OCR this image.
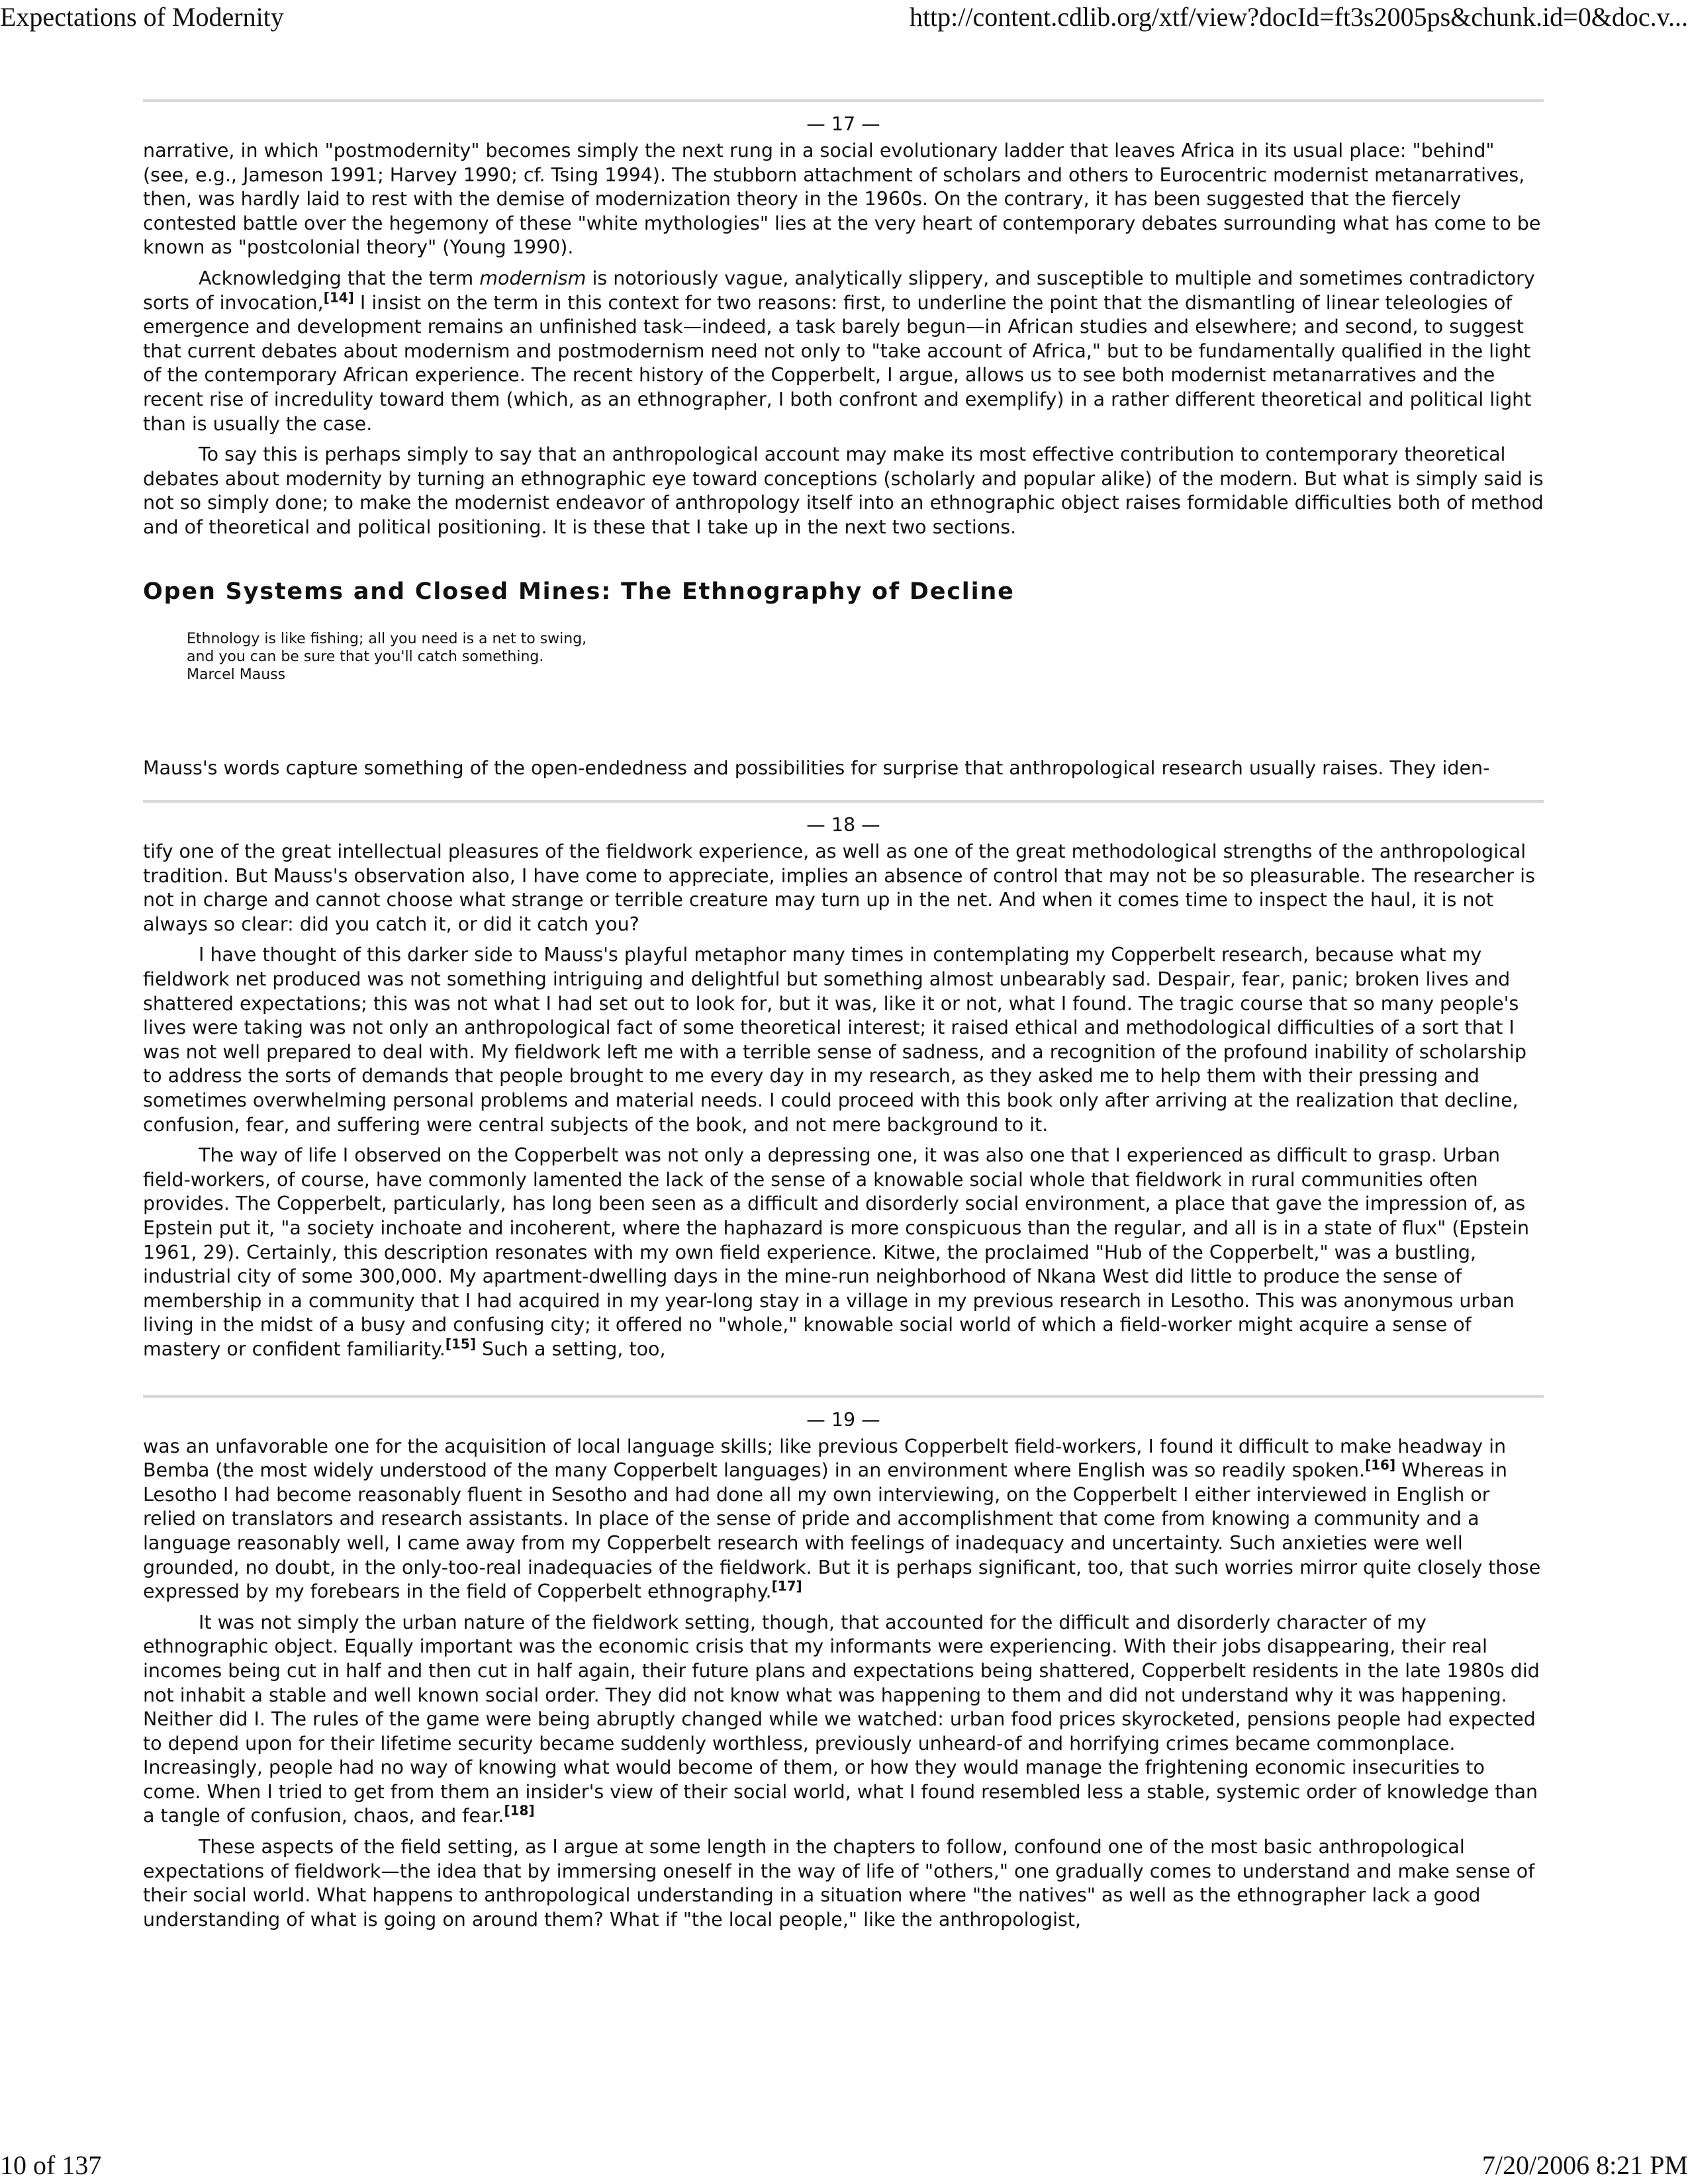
Expectations of Modernity	http://content.cdlib.org/xtf/view?docId=ft3s2005ps&chunk.id=0&doc.v...
— 17 —

narrative, in which "postmodernity" becomes simply the next rung in a social evolutionary ladder that leaves Africa in its usual place: "behind" (see, e.g., Jameson 1991; Harvey 1990; cf. Tsing 1994). The stubborn attachment of scholars and others to Eurocentric modernist metanarratives, then, was hardly laid to rest with the demise of modernization theory in the 1960s. On the contrary, it has been suggested that the fiercely contested battle over the hegemony of these "white mythologies" lies at the very heart of contemporary debates surrounding what has come to be known as "postcolonial theory" (Young 1990).

Acknowledging that the term modernism is notoriously vague, analytically slippery, and susceptible to multiple and sometimes contradictory sorts of invocation,[14] I insist on the term in this context for two reasons: first, to underline the point that the dismantling of linear teleologies of emergence and development remains an unfinished task—indeed, a task barely begun—in African studies and elsewhere; and second, to suggest that current debates about modernism and postmodernism need not only to "take account of Africa," but to be fundamentally qualified in the light of the contemporary African experience. The recent history of the Copperbelt, I argue, allows us to see both modernist metanarratives and the recent rise of incredulity toward them (which, as an ethnographer, I both confront and exemplify) in a rather different theoretical and political light than is usually the case.

To say this is perhaps simply to say that an anthropological account may make its most effective contribution to contemporary theoretical debates about modernity by turning an ethnographic eye toward conceptions (scholarly and popular alike) of the modern. But what is simply said is not so simply done; to make the modernist endeavor of anthropology itself into an ethnographic object raises formidable difficulties both of method and of theoretical and political positioning. It is these that I take up in the next two sections.

Open Systems and Closed Mines: The Ethnography of Decline
Ethnology is like fishing; all you need is a net to swing,
and you can be sure that you'll catch something.
Marcel Mauss

Mauss's words capture something of the open-endedness and possibilities for surprise that anthropological research usually raises. They iden-

— 18 —

tify one of the great intellectual pleasures of the fieldwork experience, as well as one of the great methodological strengths of the anthropological tradition. But Mauss's observation also, I have come to appreciate, implies an absence of control that may not be so pleasurable. The researcher is not in charge and cannot choose what strange or terrible creature may turn up in the net. And when it comes time to inspect the haul, it is not always so clear: did you catch it, or did it catch you?

I have thought of this darker side to Mauss's playful metaphor many times in contemplating my Copperbelt research, because what my fieldwork net produced was not something intriguing and delightful but something almost unbearably sad. Despair, fear, panic; broken lives and shattered expectations; this was not what I had set out to look for, but it was, like it or not, what I found. The tragic course that so many people's lives were taking was not only an anthropological fact of some theoretical interest; it raised ethical and methodological difficulties of a sort that I was not well prepared to deal with. My fieldwork left me with a terrible sense of sadness, and a recognition of the profound inability of scholarship to address the sorts of demands that people brought to me every day in my research, as they asked me to help them with their pressing and sometimes overwhelming personal problems and material needs. I could proceed with this book only after arriving at the realization that decline, confusion, fear, and suffering were central subjects of the book, and not mere background to it.

The way of life I observed on the Copperbelt was not only a depressing one, it was also one that I experienced as difficult to grasp. Urban field-workers, of course, have commonly lamented the lack of the sense of a knowable social whole that fieldwork in rural communities often provides. The Copperbelt, particularly, has long been seen as a difficult and disorderly social environment, a place that gave the impression of, as Epstein put it, "a society inchoate and incoherent, where the haphazard is more conspicuous than the regular, and all is in a state of flux" (Epstein 1961, 29). Certainly, this description resonates with my own field experience. Kitwe, the proclaimed "Hub of the Copperbelt," was a bustling, industrial city of some 300,000. My apartment-dwelling days in the mine-run neighborhood of Nkana West did little to produce the sense of membership in a community that I had acquired in my year-long stay in a village in my previous research in Lesotho. This was anonymous urban living in the midst of a busy and confusing city; it offered no "whole," knowable social world of which a field-worker might acquire a sense of mastery or confident familiarity.[15] Such a setting, too,

— 19 —

was an unfavorable one for the acquisition of local language skills; like previous Copperbelt field-workers, I found it difficult to make headway in Bemba (the most widely understood of the many Copperbelt languages) in an environment where English was so readily spoken.[16] Whereas in Lesotho I had become reasonably fluent in Sesotho and had done all my own interviewing, on the Copperbelt I either interviewed in English or relied on translators and research assistants. In place of the sense of pride and accomplishment that come from knowing a community and a language reasonably well, I came away from my Copperbelt research with feelings of inadequacy and uncertainty. Such anxieties were well grounded, no doubt, in the only-too-real inadequacies of the fieldwork. But it is perhaps significant, too, that such worries mirror quite closely those expressed by my forebears in the field of Copperbelt ethnography.[17]

It was not simply the urban nature of the fieldwork setting, though, that accounted for the difficult and disorderly character of my ethnographic object. Equally important was the economic crisis that my informants were experiencing. With their jobs disappearing, their real incomes being cut in half and then cut in half again, their future plans and expectations being shattered, Copperbelt residents in the late 1980s did not inhabit a stable and well known social order. They did not know what was happening to them and did not understand why it was happening. Neither did I. The rules of the game were being abruptly changed while we watched: urban food prices skyrocketed, pensions people had expected to depend upon for their lifetime security became suddenly worthless, previously unheard-of and horrifying crimes became commonplace. Increasingly, people had no way of knowing what would become of them, or how they would manage the frightening economic insecurities to come. When I tried to get from them an insider's view of their social world, what I found resembled less a stable, systemic order of knowledge than a tangle of confusion, chaos, and fear.[18]

These aspects of the field setting, as I argue at some length in the chapters to follow, confound one of the most basic anthropological expectations of fieldwork—the idea that by immersing oneself in the way of life of "others," one gradually comes to understand and make sense of their social world. What happens to anthropological understanding in a situation where "the natives" as well as the ethnographer lack a good understanding of what is going on around them? What if "the local people," like the anthropologist,

10 of 137	7/20/2006 8:21 PM
